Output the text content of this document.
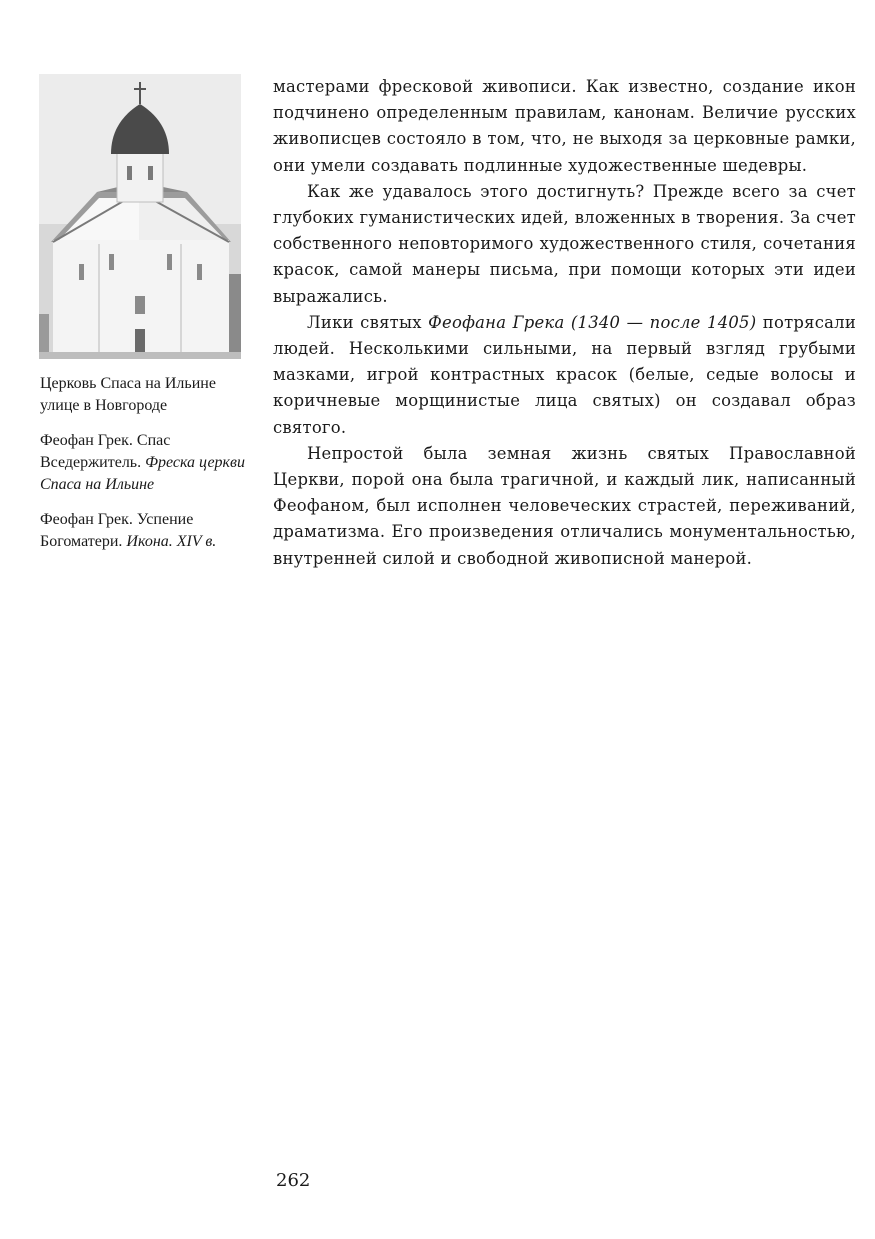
Церковь Спаса на Ильине улице в Новгороде

Феофан Грек. Спас Вседержитель. Фреска церкви Спаса на Ильине

Феофан Грек. Успение Богоматери. Икона. XIV в.

мастерами фресковой живописи. Как известно, создание икон подчинено определенным правилам, канонам. Величие русских живописцев состояло в том, что, не выходя за церковные рамки, они умели создавать подлинные художественные шедевры.

Как же удавалось этого достигнуть? Прежде всего за счет глубоких гуманистических идей, вложенных в творения. За счет собственного неповторимого художественного стиля, сочетания красок, самой манеры письма, при помощи которых эти идеи выражались.

Лики святых Феофана Грека (1340 — после 1405) потрясали людей. Несколькими сильными, на первый взгляд грубыми мазками, игрой контрастных красок (белые, седые волосы и коричневые морщинистые лица святых) он создавал образ святого.

Непростой была земная жизнь святых Православной Церкви, порой она была трагичной, и каждый лик, написанный Феофаном, был исполнен человеческих страстей, переживаний, драматизма. Его произведения отличались монументальностью, внутренней силой и свободной живописной манерой.

262
